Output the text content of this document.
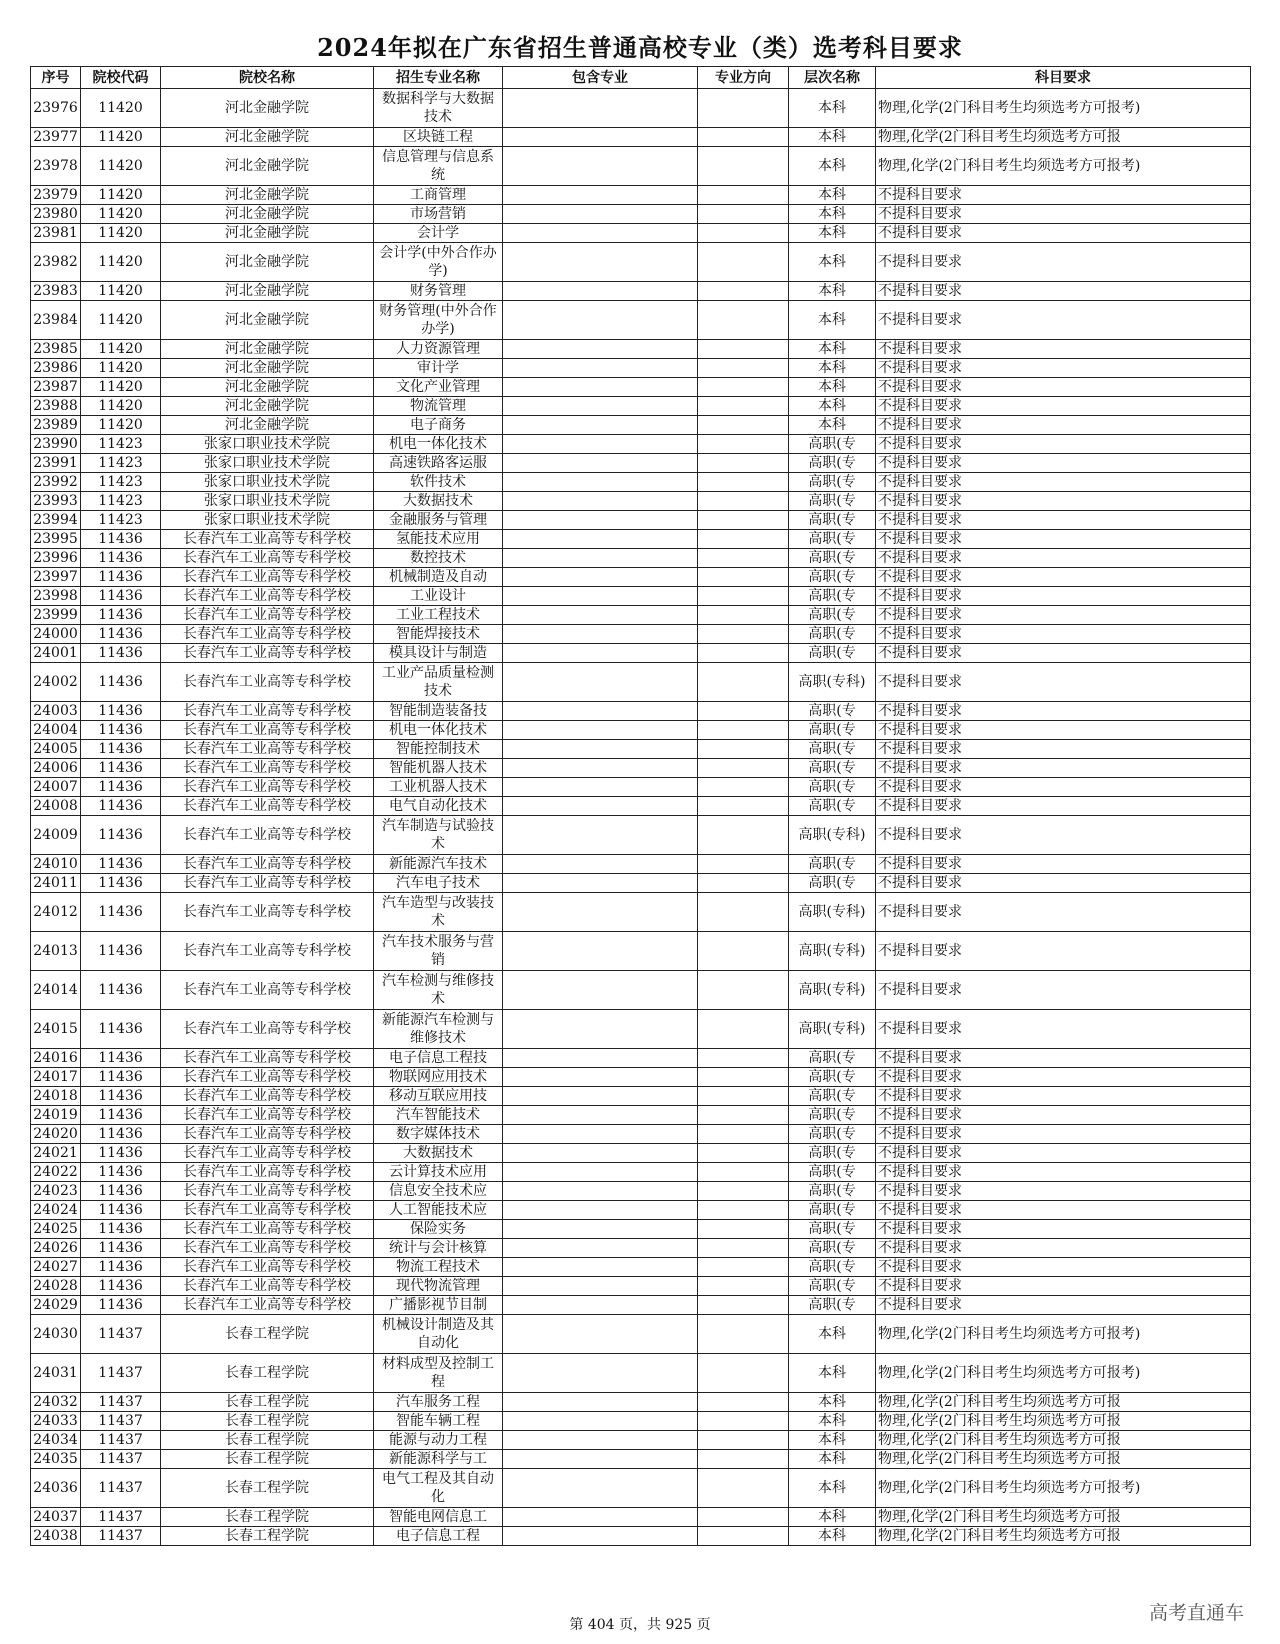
2024年拟在广东省招生普通高校专业（类）选考科目要求
序号	院校代码	院校名称	招生专业名称	包含专业	专业方向	层次名称	科目要求
23976	11420	河北金融学院	数据科学与大数据技术			本科	物理,化学(2门科目考生均须选考方可报考)
23977	11420	河北金融学院	区块链工程			本科	物理,化学(2门科目考生均须选考方可报
23978	11420	河北金融学院	信息管理与信息系统			本科	物理,化学(2门科目考生均须选考方可报考)
23979	11420	河北金融学院	工商管理			本科	不提科目要求
23980	11420	河北金融学院	市场营销			本科	不提科目要求
23981	11420	河北金融学院	会计学			本科	不提科目要求
23982	11420	河北金融学院	会计学(中外合作办学)			本科	不提科目要求
23983	11420	河北金融学院	财务管理			本科	不提科目要求
23984	11420	河北金融学院	财务管理(中外合作办学)			本科	不提科目要求
23985	11420	河北金融学院	人力资源管理			本科	不提科目要求
23986	11420	河北金融学院	审计学			本科	不提科目要求
23987	11420	河北金融学院	文化产业管理			本科	不提科目要求
23988	11420	河北金融学院	物流管理			本科	不提科目要求
23989	11420	河北金融学院	电子商务			本科	不提科目要求
23990	11423	张家口职业技术学院	机电一体化技术			高职(专	不提科目要求
23991	11423	张家口职业技术学院	高速铁路客运服			高职(专	不提科目要求
23992	11423	张家口职业技术学院	软件技术			高职(专	不提科目要求
23993	11423	张家口职业技术学院	大数据技术			高职(专	不提科目要求
23994	11423	张家口职业技术学院	金融服务与管理			高职(专	不提科目要求
23995	11436	长春汽车工业高等专科学校	氢能技术应用			高职(专	不提科目要求
23996	11436	长春汽车工业高等专科学校	数控技术			高职(专	不提科目要求
23997	11436	长春汽车工业高等专科学校	机械制造及自动			高职(专	不提科目要求
23998	11436	长春汽车工业高等专科学校	工业设计			高职(专	不提科目要求
23999	11436	长春汽车工业高等专科学校	工业工程技术			高职(专	不提科目要求
24000	11436	长春汽车工业高等专科学校	智能焊接技术			高职(专	不提科目要求
24001	11436	长春汽车工业高等专科学校	模具设计与制造			高职(专	不提科目要求
24002	11436	长春汽车工业高等专科学校	工业产品质量检测技术			高职(专科)	不提科目要求
24003	11436	长春汽车工业高等专科学校	智能制造装备技			高职(专	不提科目要求
24004	11436	长春汽车工业高等专科学校	机电一体化技术			高职(专	不提科目要求
24005	11436	长春汽车工业高等专科学校	智能控制技术			高职(专	不提科目要求
24006	11436	长春汽车工业高等专科学校	智能机器人技术			高职(专	不提科目要求
24007	11436	长春汽车工业高等专科学校	工业机器人技术			高职(专	不提科目要求
24008	11436	长春汽车工业高等专科学校	电气自动化技术			高职(专	不提科目要求
24009	11436	长春汽车工业高等专科学校	汽车制造与试验技术			高职(专科)	不提科目要求
24010	11436	长春汽车工业高等专科学校	新能源汽车技术			高职(专	不提科目要求
24011	11436	长春汽车工业高等专科学校	汽车电子技术			高职(专	不提科目要求
24012	11436	长春汽车工业高等专科学校	汽车造型与改装技术			高职(专科)	不提科目要求
24013	11436	长春汽车工业高等专科学校	汽车技术服务与营销			高职(专科)	不提科目要求
24014	11436	长春汽车工业高等专科学校	汽车检测与维修技术			高职(专科)	不提科目要求
24015	11436	长春汽车工业高等专科学校	新能源汽车检测与维修技术			高职(专科)	不提科目要求
24016	11436	长春汽车工业高等专科学校	电子信息工程技			高职(专	不提科目要求
24017	11436	长春汽车工业高等专科学校	物联网应用技术			高职(专	不提科目要求
24018	11436	长春汽车工业高等专科学校	移动互联应用技			高职(专	不提科目要求
24019	11436	长春汽车工业高等专科学校	汽车智能技术			高职(专	不提科目要求
24020	11436	长春汽车工业高等专科学校	数字媒体技术			高职(专	不提科目要求
24021	11436	长春汽车工业高等专科学校	大数据技术			高职(专	不提科目要求
24022	11436	长春汽车工业高等专科学校	云计算技术应用			高职(专	不提科目要求
24023	11436	长春汽车工业高等专科学校	信息安全技术应			高职(专	不提科目要求
24024	11436	长春汽车工业高等专科学校	人工智能技术应			高职(专	不提科目要求
24025	11436	长春汽车工业高等专科学校	保险实务			高职(专	不提科目要求
24026	11436	长春汽车工业高等专科学校	统计与会计核算			高职(专	不提科目要求
24027	11436	长春汽车工业高等专科学校	物流工程技术			高职(专	不提科目要求
24028	11436	长春汽车工业高等专科学校	现代物流管理			高职(专	不提科目要求
24029	11436	长春汽车工业高等专科学校	广播影视节目制			高职(专	不提科目要求
24030	11437	长春工程学院	机械设计制造及其自动化			本科	物理,化学(2门科目考生均须选考方可报考)
24031	11437	长春工程学院	材料成型及控制工程			本科	物理,化学(2门科目考生均须选考方可报考)
24032	11437	长春工程学院	汽车服务工程			本科	物理,化学(2门科目考生均须选考方可报
24033	11437	长春工程学院	智能车辆工程			本科	物理,化学(2门科目考生均须选考方可报
24034	11437	长春工程学院	能源与动力工程			本科	物理,化学(2门科目考生均须选考方可报
24035	11437	长春工程学院	新能源科学与工			本科	物理,化学(2门科目考生均须选考方可报
24036	11437	长春工程学院	电气工程及其自动化			本科	物理,化学(2门科目考生均须选考方可报考)
24037	11437	长春工程学院	智能电网信息工			本科	物理,化学(2门科目考生均须选考方可报
24038	11437	长春工程学院	电子信息工程			本科	物理,化学(2门科目考生均须选考方可报
第 404 页，共 925 页
高考直通车
